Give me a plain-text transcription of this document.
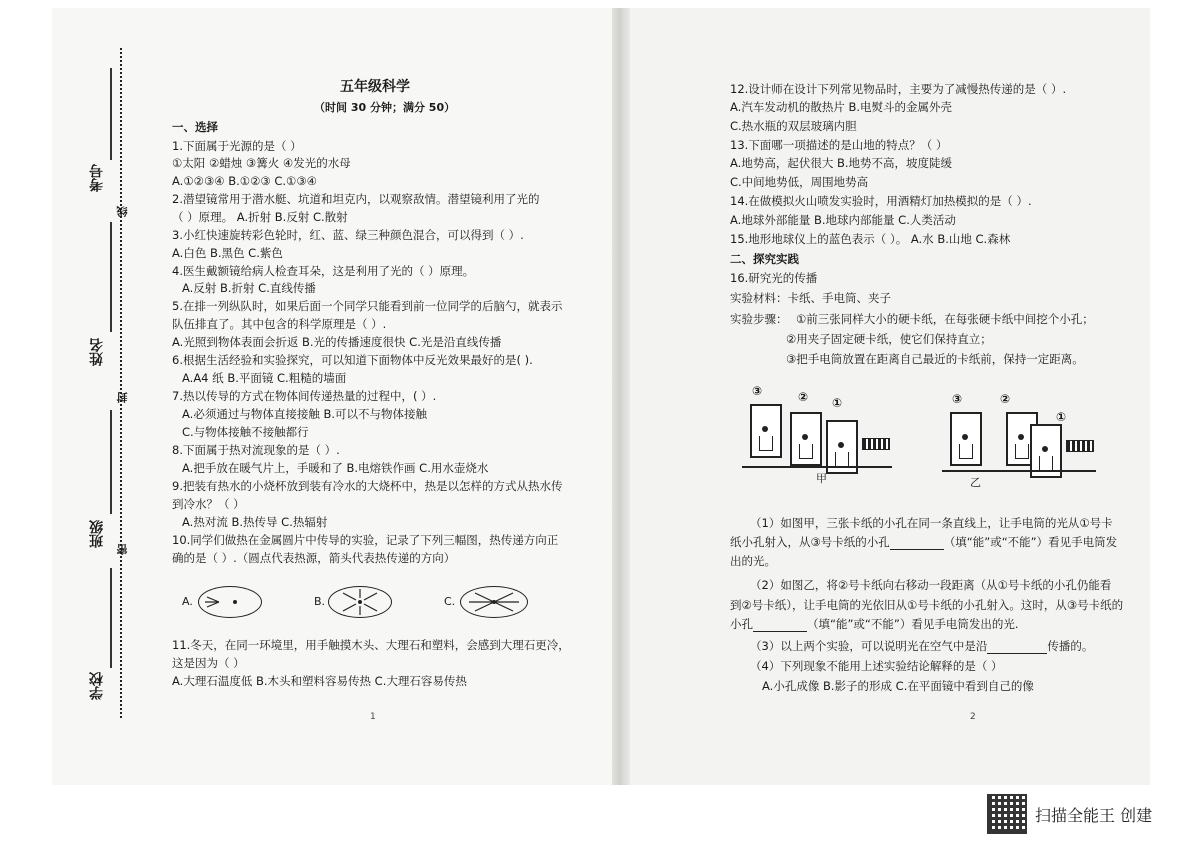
考号
线
姓名
封
班级
密
学校
五年级科学
（时间 30 分钟；满分 50）
一、选择
1.下面属于光源的是（ ）
①太阳 ②蜡烛 ③篝火 ④发光的水母
A.①②③④ B.①②③ C.①③④
2.潜望镜常用于潜水艇、坑道和坦克内，以观察敌情。潜望镜利用了光的
（ ）原理。 A.折射 B.反射 C.散射
3.小红快速旋转彩色轮时，红、蓝、绿三种颜色混合，可以得到（ ）.
A.白色 B.黑色 C.紫色
4.医生戴额镜给病人检查耳朵，这是利用了光的（ ）原理。
A.反射 B.折射 C.直线传播
5.在排一列纵队时，如果后面一个同学只能看到前一位同学的后脑勺，就表示
队伍排直了。其中包含的科学原理是（ ）.
A.光照到物体表面会折返 B.光的传播速度很快 C.光是沿直线传播
6.根据生活经验和实验探究，可以知道下面物体中反光效果最好的是( ).
A.A4 纸 B.平面镜 C.粗糙的墙面
7.热以传导的方式在物体间传递热量的过程中，( ）.
A.必须通过与物体直接接触 B.可以不与物体接触
C.与物体接触不接触都行
8.下面属于热对流现象的是（ ）.
A.把手放在暖气片上，手暖和了 B.电熔铁作画 C.用水壶烧水
9.把装有热水的小烧杯放到装有冷水的大烧杯中，热是以怎样的方式从热水传
到冷水？（ ）
A.热对流 B.热传导 C.热辐射
10.同学们做热在金属圆片中传导的实验，记录了下列三幅图，热传递方向正
确的是（ ）.（圆点代表热源，箭头代表热传递的方向）
A.	B.	C.
11.冬天，在同一环境里，用手触摸木头、大理石和塑料，会感到大理石更冷，
这是因为（ ）
A.大理石温度低 B.木头和塑料容易传热 C.大理石容易传热
1
12.设计师在设计下列常见物品时，主要为了减慢热传递的是（ ）.
A.汽车发动机的散热片 B.电熨斗的金属外壳
C.热水瓶的双层玻璃内胆
13.下面哪一项描述的是山地的特点？（ ）
A.地势高，起伏很大 B.地势不高，坡度陡缓
C.中间地势低，周围地势高
14.在做模拟火山喷发实验时，用酒精灯加热模拟的是（ ）.
A.地球外部能量 B.地球内部能量 C.人类活动
15.地形地球仪上的蓝色表示（ ）。 A.水 B.山地 C.森林
二、探究实践
16.研究光的传播
实验材料：卡纸、手电筒、夹子
实验步骤： ①前三张同样大小的硬卡纸，在每张硬卡纸中间挖个小孔；
②用夹子固定硬卡纸，使它们保持直立；
③把手电筒放置在距离自己最近的卡纸前，保持一定距离。
③	② ①
甲
③	②
①
乙
（1）如图甲，三张卡纸的小孔在同一条直线上，让手电筒的光从①号卡
纸小孔射入，从③号卡纸的小孔	（填“能”或“不能”）看见手电筒发
出的光。
（2）如图乙，将②号卡纸向右移动一段距离（从①号卡纸的小孔仍能看
到②号卡纸），让手电筒的光依旧从①号卡纸的小孔射入。这时，从③号卡纸的
小孔	（填“能”或“不能”）看见手电筒发出的光.
（3）以上两个实验，可以说明光在空气中是沿	传播的。
（4）下列现象不能用上述实验结论解释的是（ ）
A.小孔成像 B.影子的形成 C.在平面镜中看到自己的像
2
扫描全能王 创建
